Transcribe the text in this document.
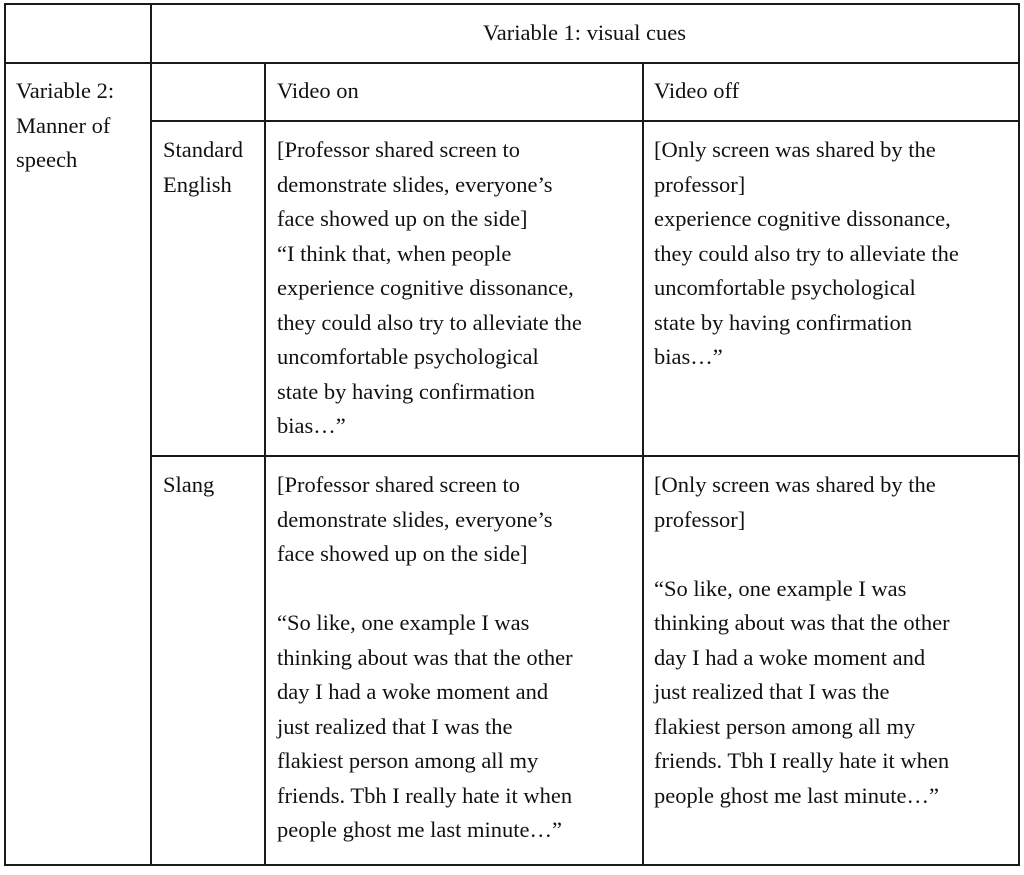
Variable 1: visual cues
Variable 2:
Manner of
speech
Video on	Video off
Standard
English
Slang
[Professor shared screen to
demonstrate slides, everyone’s
face showed up on the side]
“I think that, when people
experience cognitive dissonance,
they could also try to alleviate the
uncomfortable psychological
state by having confirmation
bias…”
[Only screen was shared by the
professor]
experience cognitive dissonance,
they could also try to alleviate the
uncomfortable psychological
state by having confirmation
bias…”
[Professor shared screen to
demonstrate slides, everyone’s
face showed up on the side]
“So like, one example I was
thinking about was that the other
day I had a woke moment and
just realized that I was the
flakiest person among all my
friends. Tbh I really hate it when
people ghost me last minute…”
[Only screen was shared by the
professor]
“So like, one example I was
thinking about was that the other
day I had a woke moment and
just realized that I was the
flakiest person among all my
friends. Tbh I really hate it when
people ghost me last minute…”
